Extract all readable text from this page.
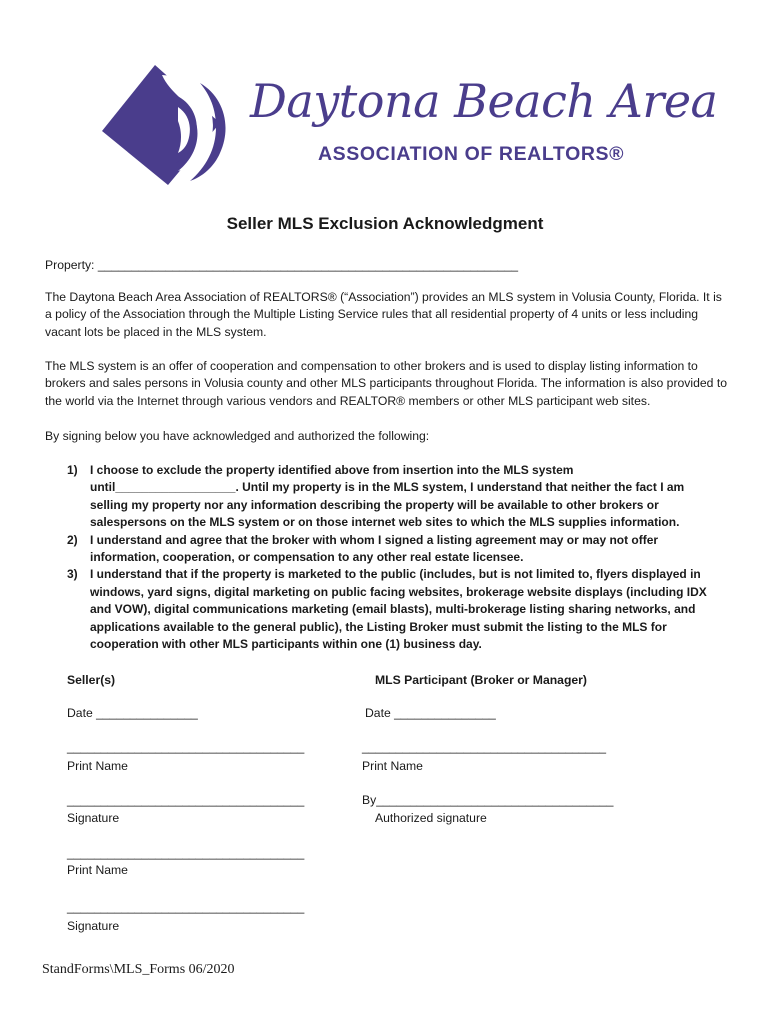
Daytona Beach Area
ASSOCIATION OF REALTORS®
Seller MLS Exclusion Acknowledgment
Property: ______________________________________________________________
The Daytona Beach Area Association of REALTORS® (“Association”) provides an MLS system in Volusia County, Florida. It is a policy of the Association through the Multiple Listing Service rules that all residential property of 4 units or less including vacant lots be placed in the MLS system.
The MLS system is an offer of cooperation and compensation to other brokers and is used to display listing information to brokers and sales persons in Volusia county and other MLS participants throughout Florida. The information is also provided to the world via the Internet through various vendors and REALTOR® members or other MLS participant web sites.
By signing below you have acknowledged and authorized the following:
1) I choose to exclude the property identified above from insertion into the MLS system until__________________. Until my property is in the MLS system, I understand that neither the fact I am selling my property nor any information describing the property will be available to other brokers or salespersons on the MLS system or on those internet web sites to which the MLS supplies information.
2) I understand and agree that the broker with whom I signed a listing agreement may or may not offer information, cooperation, or compensation to any other real estate licensee.
3) I understand that if the property is marketed to the public (includes, but is not limited to, flyers displayed in windows, yard signs, digital marketing on public facing websites, brokerage website displays (including IDX and VOW), digital communications marketing (email blasts), multi-brokerage listing sharing networks, and applications available to the general public), the Listing Broker must submit the listing to the MLS for cooperation with other MLS participants within one (1) business day.
Seller(s)
Date _______________
___________________________________
Print Name
___________________________________
Signature
___________________________________
Print Name
___________________________________
Signature
MLS Participant (Broker or Manager)
Date _______________
____________________________________
Print Name
By___________________________________
Authorized signature
StandForms\MLS_Forms 06/2020
